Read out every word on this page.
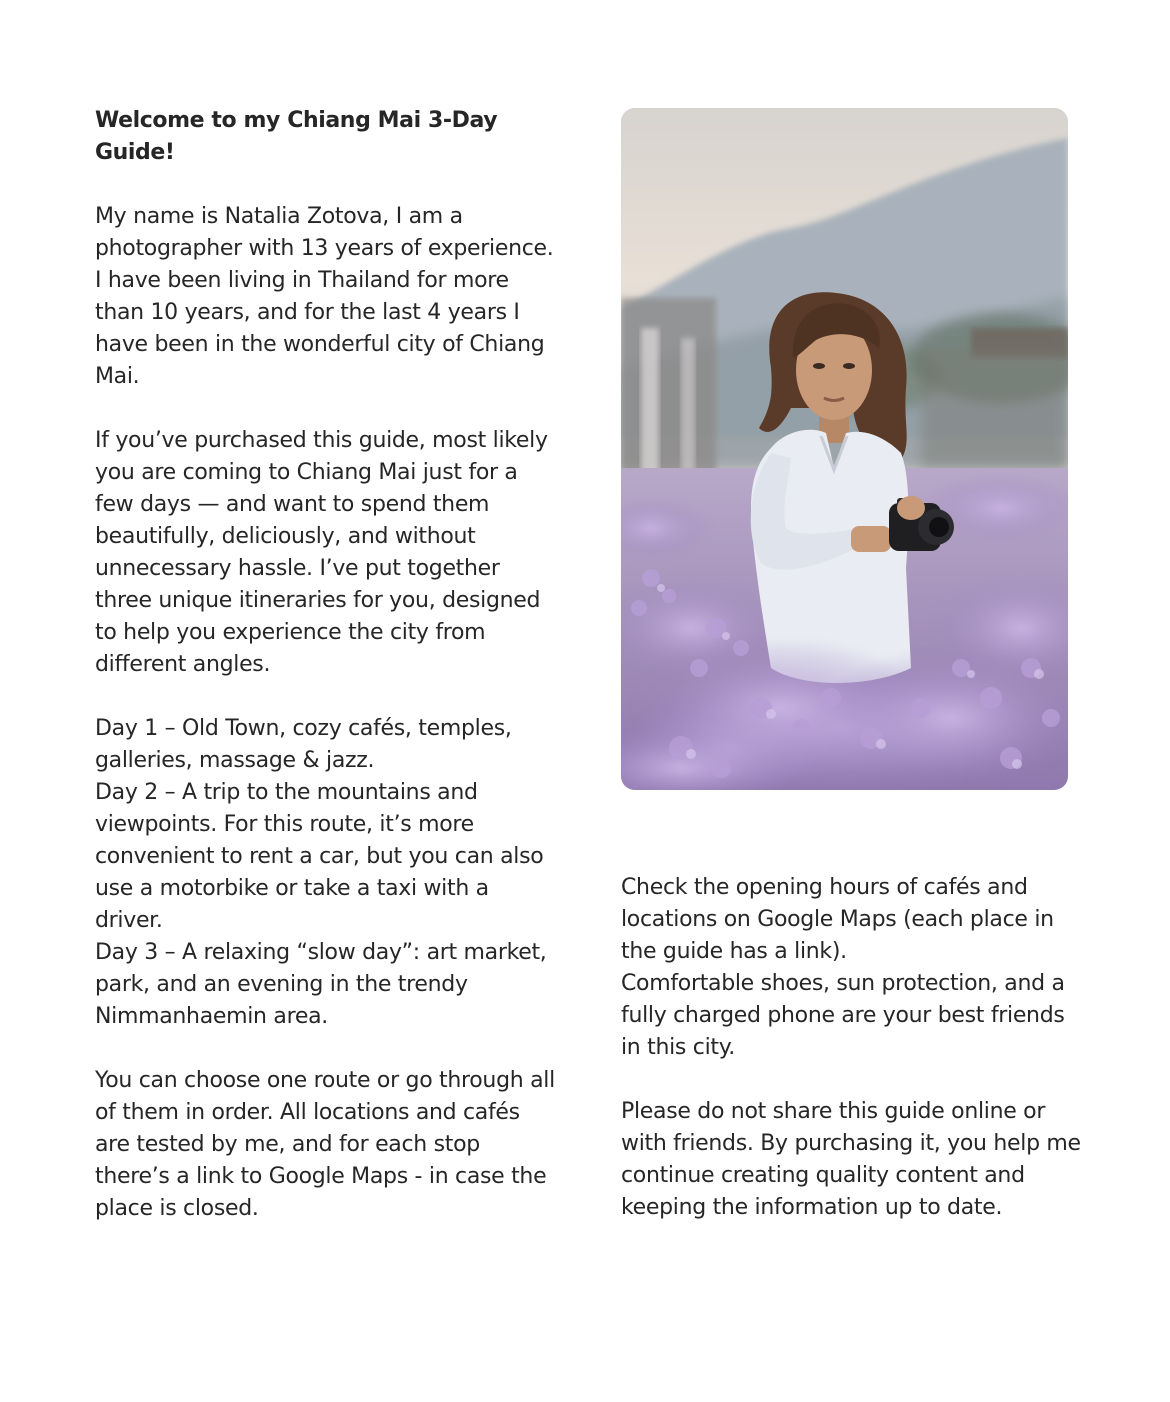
Welcome to my Chiang Mai 3-Day Guide!

My name is Natalia Zotova, I am a photographer with 13 years of experience. I have been living in Thailand for more than 10 years, and for the last 4 years I have been in the wonderful city of Chiang Mai.

If you’ve purchased this guide, most likely you are coming to Chiang Mai just for a few days — and want to spend them beautifully, deliciously, and without unnecessary hassle. I’ve put together three unique itineraries for you, designed to help you experience the city from different angles.

Day 1 – Old Town, cozy cafés, temples, galleries, massage & jazz.

Day 2 – A trip to the mountains and viewpoints. For this route, it’s more convenient to rent a car, but you can also use a motorbike or take a taxi with a driver.

Day 3 – A relaxing “slow day”: art market, park, and an evening in the trendy Nimmanhaemin area.

You can choose one route or go through all of them in order. All locations and cafés are tested by me, and for each stop there’s a link to Google Maps - in case the place is closed.

Check the opening hours of cafés and locations on Google Maps (each place in the guide has a link).

Comfortable shoes, sun protection, and a fully charged phone are your best friends in this city.

Please do not share this guide online or with friends. By purchasing it, you help me continue creating quality content and keeping the information up to date.
